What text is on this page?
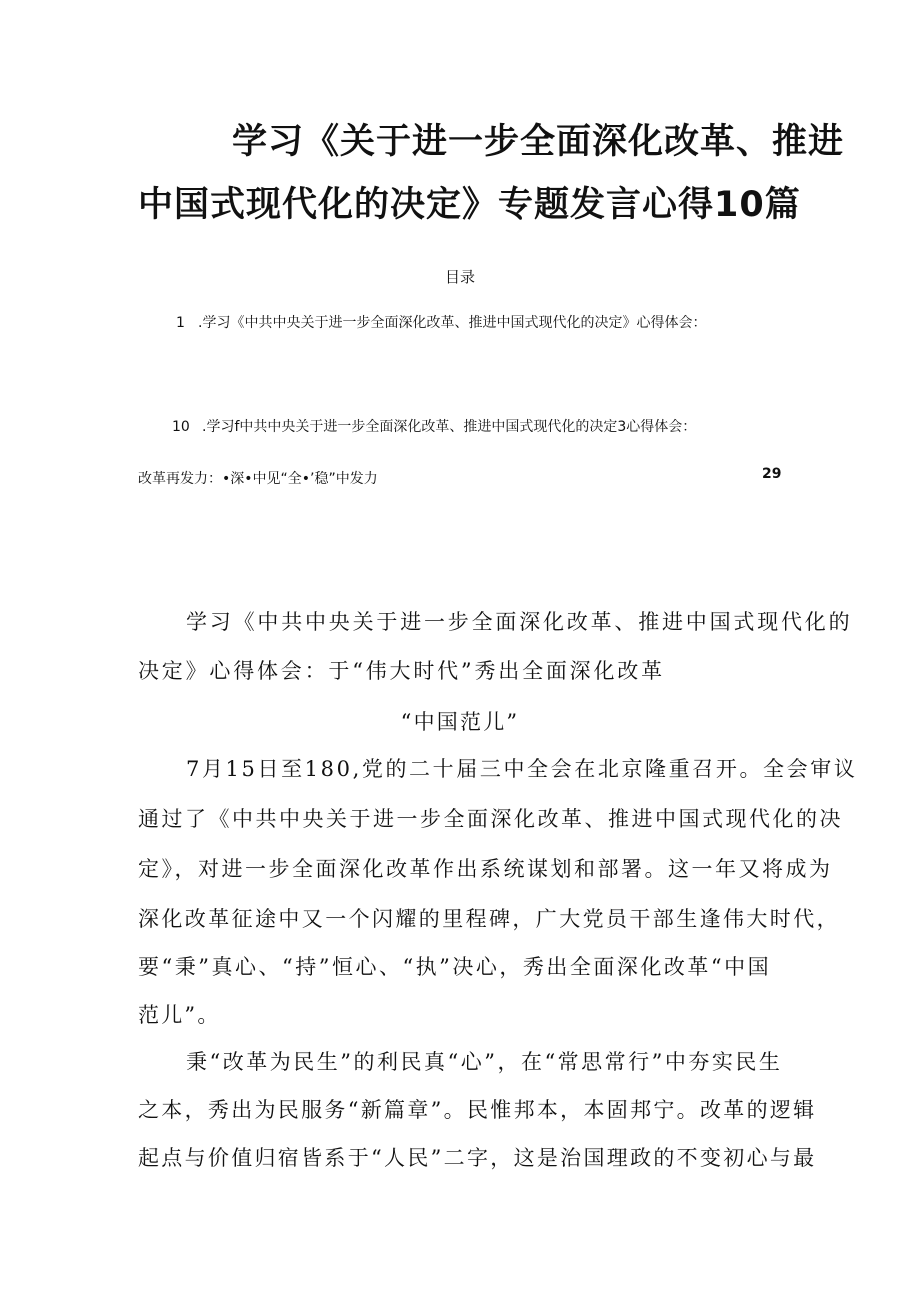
学习《关于进一步全面深化改革、推进
中国式现代化的决定》专题发言心得10篇
目录
1 .学习《中共中央关于进一步全面深化改革、推进中国式现代化的决定》心得体会：
10 .学习f中共中央关于进一步全面深化改革、推进中国式现代化的决定3心得体会：
改革再发力：•深•中见“全•’稳”中发力	29
学习《中共中央关于进一步全面深化改革、推进中国式现代化的
决定》心得体会：于“伟大时代”秀出全面深化改革
“中国范儿”
7月15日至180,党的二十届三中全会在北京隆重召开。全会审议
通过了《中共中央关于进一步全面深化改革、推进中国式现代化的决
定》，对进一步全面深化改革作出系统谋划和部署。这一年又将成为
深化改革征途中又一个闪耀的里程碑，广大党员干部生逢伟大时代，
要“秉”真心、“持”恒心、“执”决心，秀出全面深化改革“中国
范儿”。
秉“改革为民生”的利民真“心”，在“常思常行”中夯实民生
之本，秀出为民服务“新篇章”。民惟邦本，本固邦宁。改革的逻辑
起点与价值归宿皆系于“人民”二字，这是治国理政的不变初心与最
